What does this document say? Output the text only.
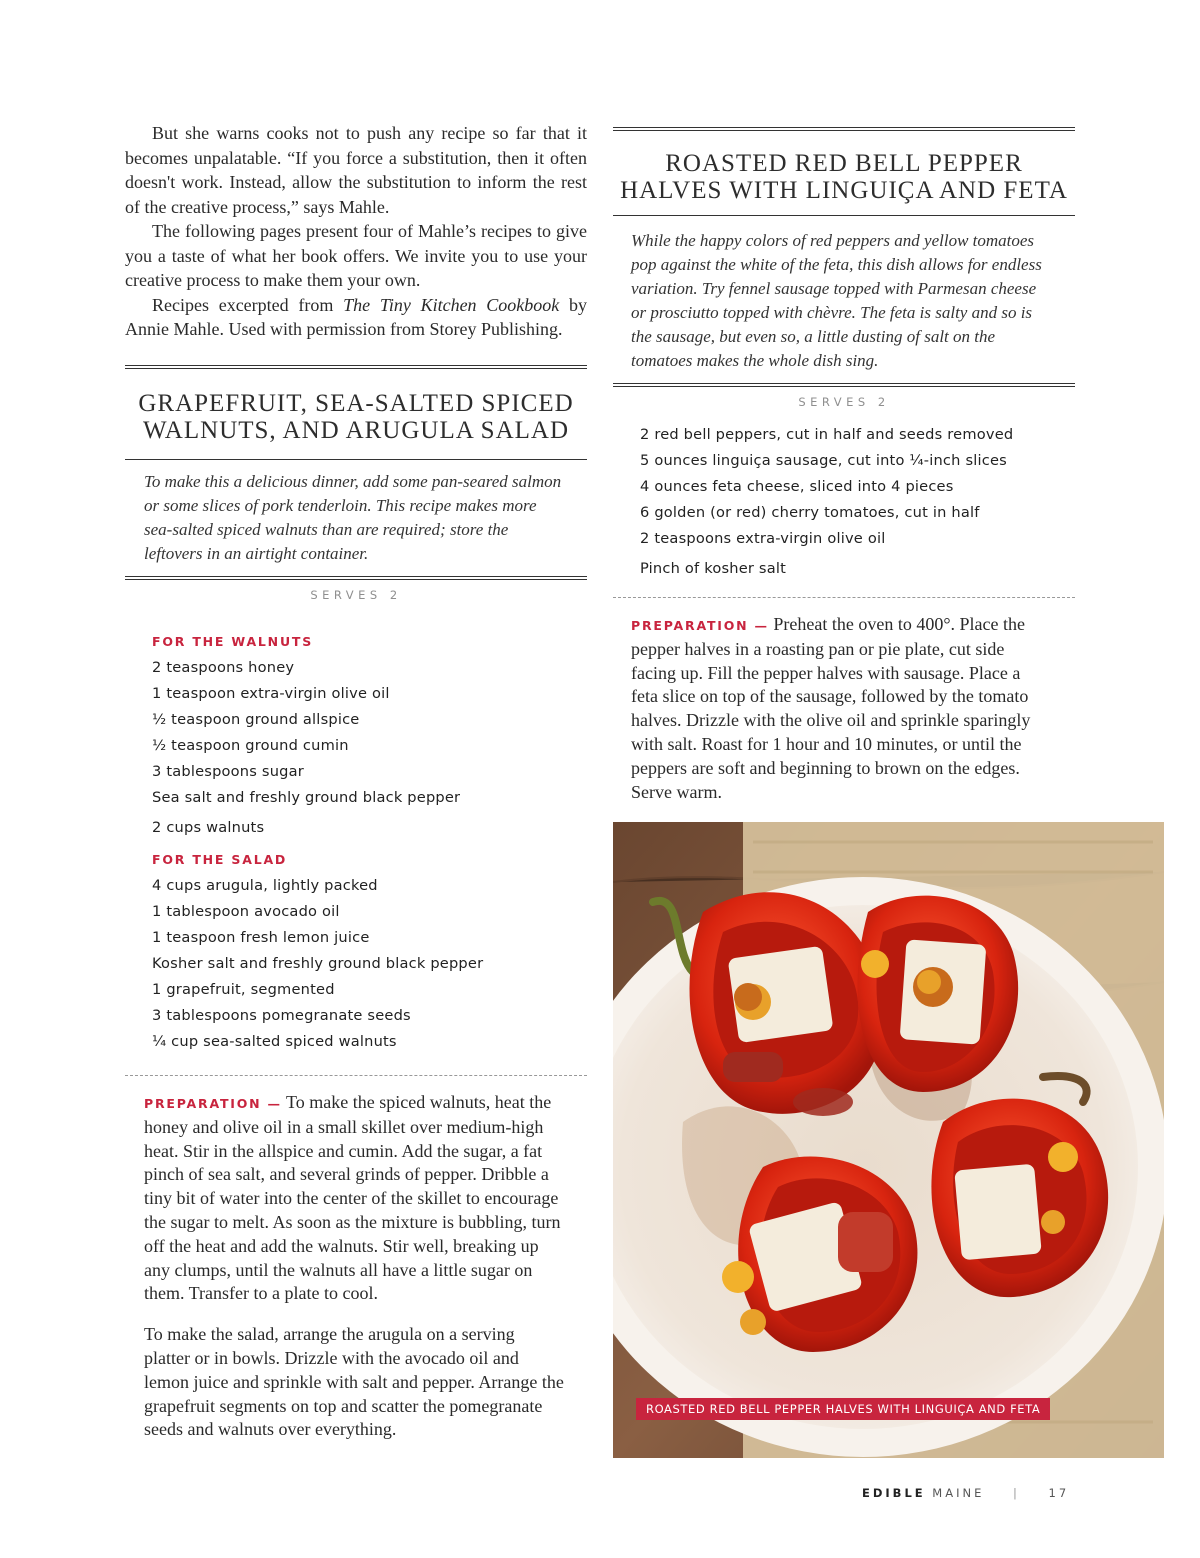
But she warns cooks not to push any recipe so far that it becomes unpalatable. “If you force a substitution, then it often doesn't work. Instead, allow the substitution to inform the rest of the creative process,” says Mahle.

The following pages present four of Mahle’s recipes to give you a taste of what her book offers. We invite you to use your creative process to make them your own.

Recipes excerpted from The Tiny Kitchen Cookbook by Annie Mahle. Used with permission from Storey Publishing.

GRAPEFRUIT, SEA-SALTED SPICED
WALNUTS, AND ARUGULA SALAD
To make this a delicious dinner, add some pan-seared salmon or some slices of pork tenderloin. This recipe makes more sea-salted spiced walnuts than are required; store the leftovers in an airtight container.
SERVES 2
FOR THE WALNUTS
2 teaspoons honey
1 teaspoon extra-virgin olive oil
½ teaspoon ground allspice
½ teaspoon ground cumin
3 tablespoons sugar
Sea salt and freshly ground black pepper
2 cups walnuts
FOR THE SALAD
4 cups arugula, lightly packed
1 tablespoon avocado oil
1 teaspoon fresh lemon juice
Kosher salt and freshly ground black pepper
1 grapefruit, segmented
3 tablespoons pomegranate seeds
¼ cup sea-salted spiced walnuts
PREPARATION — To make the spiced walnuts, heat the honey and olive oil in a small skillet over medium-high heat. Stir in the allspice and cumin. Add the sugar, a fat pinch of sea salt, and several grinds of pepper. Dribble a tiny bit of water into the center of the skillet to encourage the sugar to melt. As soon as the mixture is bubbling, turn off the heat and add the walnuts. Stir well, breaking up any clumps, until the walnuts all have a little sugar on them. Transfer to a plate to cool.
To make the salad, arrange the arugula on a serving platter or in bowls. Drizzle with the avocado oil and lemon juice and sprinkle with salt and pepper. Arrange the grapefruit segments on top and scatter the pomegranate seeds and walnuts over everything.
ROASTED RED BELL PEPPER
HALVES WITH LINGUIÇA AND FETA
While the happy colors of red peppers and yellow tomatoes pop against the white of the feta, this dish allows for endless variation. Try fennel sausage topped with Parmesan cheese or prosciutto topped with chèvre. The feta is salty and so is the sausage, but even so, a little dusting of salt on the tomatoes makes the whole dish sing.
SERVES 2
2 red bell peppers, cut in half and seeds removed
5 ounces linguiça sausage, cut into ¼-inch slices
4 ounces feta cheese, sliced into 4 pieces
6 golden (or red) cherry tomatoes, cut in half
2 teaspoons extra-virgin olive oil
Pinch of kosher salt
PREPARATION — Preheat the oven to 400°. Place the pepper halves in a roasting pan or pie plate, cut side facing up. Fill the pepper halves with sausage. Place a feta slice on top of the sausage, followed by the tomato halves. Drizzle with the olive oil and sprinkle sparingly with salt. Roast for 1 hour and 10 minutes, or until the peppers are soft and beginning to brown on the edges. Serve warm.
ROASTED RED BELL PEPPER HALVES WITH LINGUIÇA AND FETA
EDIBLE MAINE | 17
